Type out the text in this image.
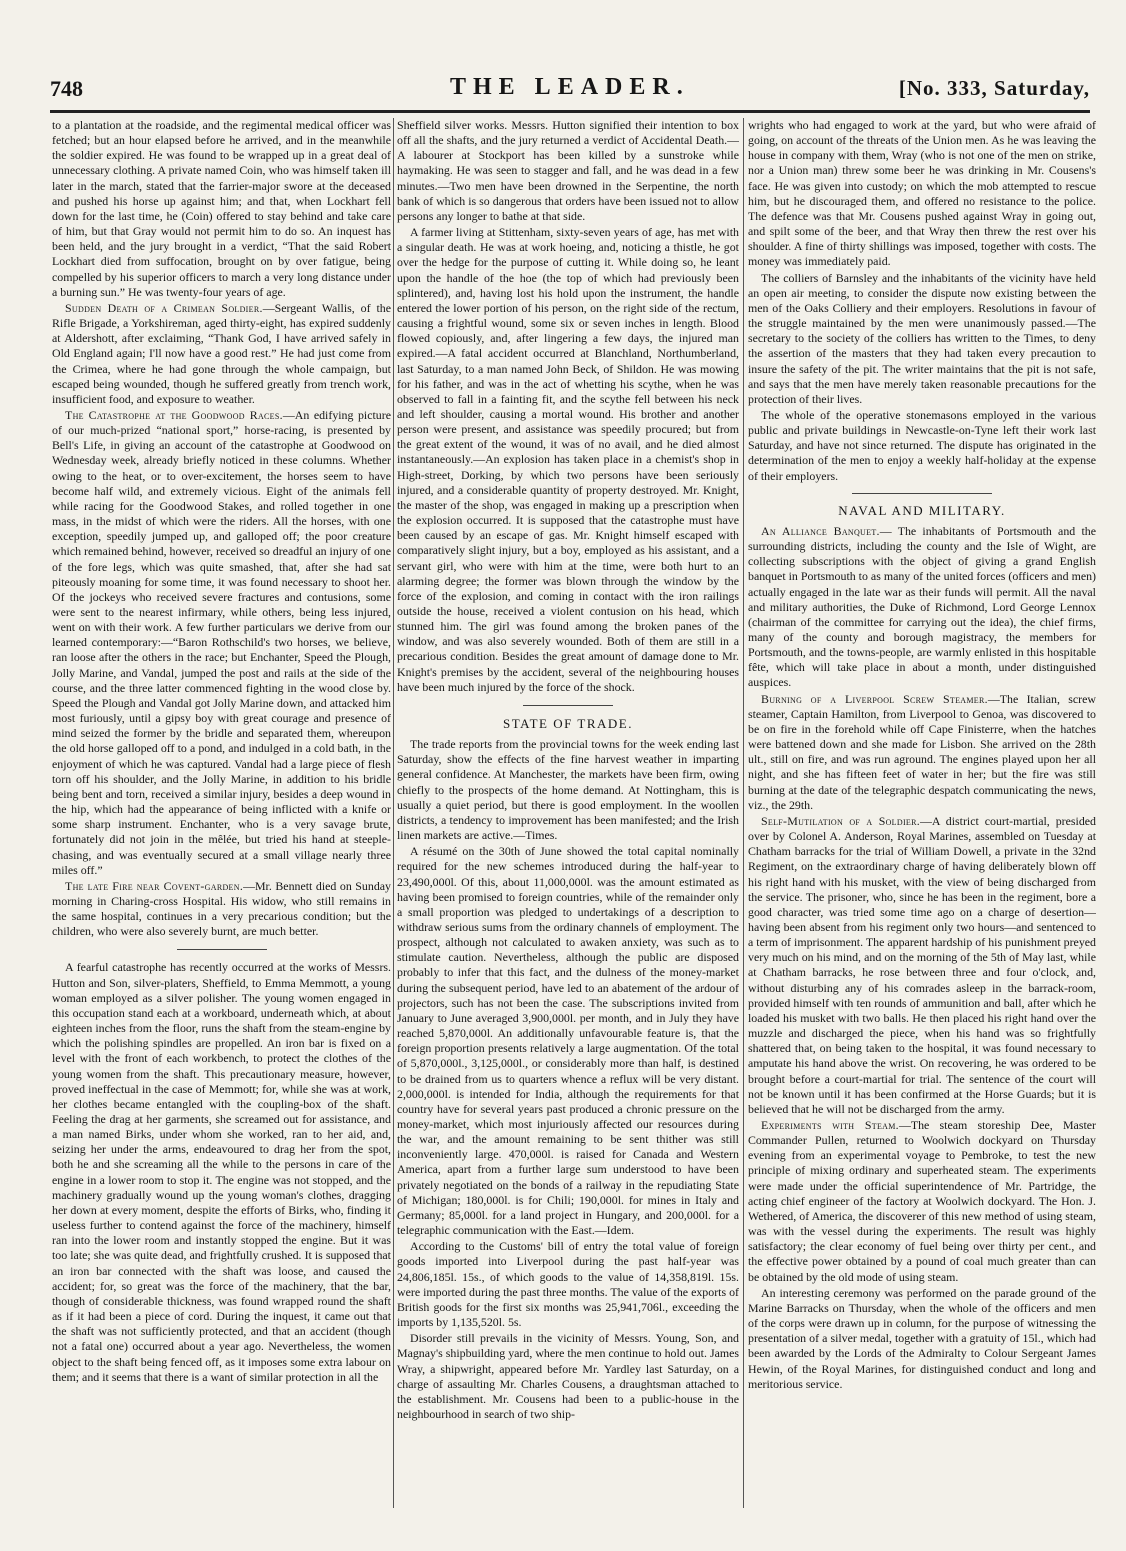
748	THE LEADER.	[No. 333, Saturday,

to a plantation at the roadside, and the regimental medical officer was fetched; but an hour elapsed before he arrived, and in the meanwhile the soldier expired. He was found to be wrapped up in a great deal of unnecessary clothing. A private named Coin, who was himself taken ill later in the march, stated that the farrier-major swore at the deceased and pushed his horse up against him; and that, when Lockhart fell down for the last time, he (Coin) offered to stay behind and take care of him, but that Gray would not permit him to do so. An inquest has been held, and the jury brought in a verdict, “That the said Robert Lockhart died from suffocation, brought on by over fatigue, being compelled by his superior officers to march a very long distance under a burning sun.” He was twenty-four years of age.

Sudden Death of a Crimean Soldier.—Sergeant Wallis, of the Rifle Brigade, a Yorkshireman, aged thirty-eight, has expired suddenly at Aldershott, after exclaiming, “Thank God, I have arrived safely in Old England again; I'll now have a good rest.” He had just come from the Crimea, where he had gone through the whole campaign, but escaped being wounded, though he suffered greatly from trench work, insufficient food, and exposure to weather.

The Catastrophe at the Goodwood Races.—An edifying picture of our much-prized “national sport,” horse-racing, is presented by Bell's Life, in giving an account of the catastrophe at Goodwood on Wednesday week, already briefly noticed in these columns. Whether owing to the heat, or to over-excitement, the horses seem to have become half wild, and extremely vicious. Eight of the animals fell while racing for the Goodwood Stakes, and rolled together in one mass, in the midst of which were the riders. All the horses, with one exception, speedily jumped up, and galloped off; the poor creature which remained behind, however, received so dreadful an injury of one of the fore legs, which was quite smashed, that, after she had sat piteously moaning for some time, it was found necessary to shoot her. Of the jockeys who received severe fractures and contusions, some were sent to the nearest infirmary, while others, being less injured, went on with their work. A few further particulars we derive from our learned contemporary:—“Baron Rothschild's two horses, we believe, ran loose after the others in the race; but Enchanter, Speed the Plough, Jolly Marine, and Vandal, jumped the post and rails at the side of the course, and the three latter commenced fighting in the wood close by. Speed the Plough and Vandal got Jolly Marine down, and attacked him most furiously, until a gipsy boy with great courage and presence of mind seized the former by the bridle and separated them, whereupon the old horse galloped off to a pond, and indulged in a cold bath, in the enjoyment of which he was captured. Vandal had a large piece of flesh torn off his shoulder, and the Jolly Marine, in addition to his bridle being bent and torn, received a similar injury, besides a deep wound in the hip, which had the appearance of being inflicted with a knife or some sharp instrument. Enchanter, who is a very savage brute, fortunately did not join in the mêlée, but tried his hand at steeple-chasing, and was eventually secured at a small village nearly three miles off.”

The late Fire near Covent-garden.—Mr. Bennett died on Sunday morning in Charing-cross Hospital. His widow, who still remains in the same hospital, continues in a very precarious condition; but the children, who were also severely burnt, are much better.

A fearful catastrophe has recently occurred at the works of Messrs. Hutton and Son, silver-platers, Sheffield, to Emma Memmott, a young woman employed as a silver polisher. The young women engaged in this occupation stand each at a workboard, underneath which, at about eighteen inches from the floor, runs the shaft from the steam-engine by which the polishing spindles are propelled. An iron bar is fixed on a level with the front of each workbench, to protect the clothes of the young women from the shaft. This precautionary measure, however, proved ineffectual in the case of Memmott; for, while she was at work, her clothes became entangled with the coupling-box of the shaft. Feeling the drag at her garments, she screamed out for assistance, and a man named Birks, under whom she worked, ran to her aid, and, seizing her under the arms, endeavoured to drag her from the spot, both he and she screaming all the while to the persons in care of the engine in a lower room to stop it. The engine was not stopped, and the machinery gradually wound up the young woman's clothes, dragging her down at every moment, despite the efforts of Birks, who, finding it useless further to contend against the force of the machinery, himself ran into the lower room and instantly stopped the engine. But it was too late; she was quite dead, and frightfully crushed. It is supposed that an iron bar connected with the shaft was loose, and caused the accident; for, so great was the force of the machinery, that the bar, though of considerable thickness, was found wrapped round the shaft as if it had been a piece of cord. During the inquest, it came out that the shaft was not sufficiently protected, and that an accident (though not a fatal one) occurred about a year ago. Nevertheless, the women object to the shaft being fenced off, as it imposes some extra labour on them; and it seems that there is a want of similar protection in all the

Sheffield silver works. Messrs. Hutton signified their intention to box off all the shafts, and the jury returned a verdict of Accidental Death.—A labourer at Stockport has been killed by a sunstroke while haymaking. He was seen to stagger and fall, and he was dead in a few minutes.—Two men have been drowned in the Serpentine, the north bank of which is so dangerous that orders have been issued not to allow persons any longer to bathe at that side.

A farmer living at Stittenham, sixty-seven years of age, has met with a singular death. He was at work hoeing, and, noticing a thistle, he got over the hedge for the purpose of cutting it. While doing so, he leant upon the handle of the hoe (the top of which had previously been splintered), and, having lost his hold upon the instrument, the handle entered the lower portion of his person, on the right side of the rectum, causing a frightful wound, some six or seven inches in length. Blood flowed copiously, and, after lingering a few days, the injured man expired.—A fatal accident occurred at Blanchland, Northumberland, last Saturday, to a man named John Beck, of Shildon. He was mowing for his father, and was in the act of whetting his scythe, when he was observed to fall in a fainting fit, and the scythe fell between his neck and left shoulder, causing a mortal wound. His brother and another person were present, and assistance was speedily procured; but from the great extent of the wound, it was of no avail, and he died almost instantaneously.—An explosion has taken place in a chemist's shop in High-street, Dorking, by which two persons have been seriously injured, and a considerable quantity of property destroyed. Mr. Knight, the master of the shop, was engaged in making up a prescription when the explosion occurred. It is supposed that the catastrophe must have been caused by an escape of gas. Mr. Knight himself escaped with comparatively slight injury, but a boy, employed as his assistant, and a servant girl, who were with him at the time, were both hurt to an alarming degree; the former was blown through the window by the force of the explosion, and coming in contact with the iron railings outside the house, received a violent contusion on his head, which stunned him. The girl was found among the broken panes of the window, and was also severely wounded. Both of them are still in a precarious condition. Besides the great amount of damage done to Mr. Knight's premises by the accident, several of the neighbouring houses have been much injured by the force of the shock.

STATE OF TRADE.

The trade reports from the provincial towns for the week ending last Saturday, show the effects of the fine harvest weather in imparting general confidence. At Manchester, the markets have been firm, owing chiefly to the prospects of the home demand. At Nottingham, this is usually a quiet period, but there is good employment. In the woollen districts, a tendency to improvement has been manifested; and the Irish linen markets are active.—Times.

A résumé on the 30th of June showed the total capital nominally required for the new schemes introduced during the half-year to 23,490,000l. Of this, about 11,000,000l. was the amount estimated as having been promised to foreign countries, while of the remainder only a small proportion was pledged to undertakings of a description to withdraw serious sums from the ordinary channels of employment. The prospect, although not calculated to awaken anxiety, was such as to stimulate caution. Nevertheless, although the public are disposed probably to infer that this fact, and the dulness of the money-market during the subsequent period, have led to an abatement of the ardour of projectors, such has not been the case. The subscriptions invited from January to June averaged 3,900,000l. per month, and in July they have reached 5,870,000l. An additionally unfavourable feature is, that the foreign proportion presents relatively a large augmentation. Of the total of 5,870,000l., 3,125,000l., or considerably more than half, is destined to be drained from us to quarters whence a reflux will be very distant. 2,000,000l. is intended for India, although the requirements for that country have for several years past produced a chronic pressure on the money-market, which most injuriously affected our resources during the war, and the amount remaining to be sent thither was still inconveniently large. 470,000l. is raised for Canada and Western America, apart from a further large sum understood to have been privately negotiated on the bonds of a railway in the repudiating State of Michigan; 180,000l. is for Chili; 190,000l. for mines in Italy and Germany; 85,000l. for a land project in Hungary, and 200,000l. for a telegraphic communication with the East.—Idem.

According to the Customs' bill of entry the total value of foreign goods imported into Liverpool during the past half-year was 24,806,185l. 15s., of which goods to the value of 14,358,819l. 15s. were imported during the past three months. The value of the exports of British goods for the first six months was 25,941,706l., exceeding the imports by 1,135,520l. 5s.

Disorder still prevails in the vicinity of Messrs. Young, Son, and Magnay's shipbuilding yard, where the men continue to hold out. James Wray, a shipwright, appeared before Mr. Yardley last Saturday, on a charge of assaulting Mr. Charles Cousens, a draughtsman attached to the establishment. Mr. Cousens had been to a public-house in the neighbourhood in search of two ship-

wrights who had engaged to work at the yard, but who were afraid of going, on account of the threats of the Union men. As he was leaving the house in company with them, Wray (who is not one of the men on strike, nor a Union man) threw some beer he was drinking in Mr. Cousens's face. He was given into custody; on which the mob attempted to rescue him, but he discouraged them, and offered no resistance to the police. The defence was that Mr. Cousens pushed against Wray in going out, and spilt some of the beer, and that Wray then threw the rest over his shoulder. A fine of thirty shillings was imposed, together with costs. The money was immediately paid.

The colliers of Barnsley and the inhabitants of the vicinity have held an open air meeting, to consider the dispute now existing between the men of the Oaks Colliery and their employers. Resolutions in favour of the struggle maintained by the men were unanimously passed.—The secretary to the society of the colliers has written to the Times, to deny the assertion of the masters that they had taken every precaution to insure the safety of the pit. The writer maintains that the pit is not safe, and says that the men have merely taken reasonable precautions for the protection of their lives.

The whole of the operative stonemasons employed in the various public and private buildings in Newcastle-on-Tyne left their work last Saturday, and have not since returned. The dispute has originated in the determination of the men to enjoy a weekly half-holiday at the expense of their employers.

NAVAL AND MILITARY.

An Alliance Banquet.— The inhabitants of Portsmouth and the surrounding districts, including the county and the Isle of Wight, are collecting subscriptions with the object of giving a grand English banquet in Portsmouth to as many of the united forces (officers and men) actually engaged in the late war as their funds will permit. All the naval and military authorities, the Duke of Richmond, Lord George Lennox (chairman of the committee for carrying out the idea), the chief firms, many of the county and borough magistracy, the members for Portsmouth, and the towns-people, are warmly enlisted in this hospitable fête, which will take place in about a month, under distinguished auspices.

Burning of a Liverpool Screw Steamer.—The Italian, screw steamer, Captain Hamilton, from Liverpool to Genoa, was discovered to be on fire in the forehold while off Cape Finisterre, when the hatches were battened down and she made for Lisbon. She arrived on the 28th ult., still on fire, and was run aground. The engines played upon her all night, and she has fifteen feet of water in her; but the fire was still burning at the date of the telegraphic despatch communicating the news, viz., the 29th.

Self-Mutilation of a Soldier.—A district court-martial, presided over by Colonel A. Anderson, Royal Marines, assembled on Tuesday at Chatham barracks for the trial of William Dowell, a private in the 32nd Regiment, on the extraordinary charge of having deliberately blown off his right hand with his musket, with the view of being discharged from the service. The prisoner, who, since he has been in the regiment, bore a good character, was tried some time ago on a charge of desertion—having been absent from his regiment only two hours—and sentenced to a term of imprisonment. The apparent hardship of his punishment preyed very much on his mind, and on the morning of the 5th of May last, while at Chatham barracks, he rose between three and four o'clock, and, without disturbing any of his comrades asleep in the barrack-room, provided himself with ten rounds of ammunition and ball, after which he loaded his musket with two balls. He then placed his right hand over the muzzle and discharged the piece, when his hand was so frightfully shattered that, on being taken to the hospital, it was found necessary to amputate his hand above the wrist. On recovering, he was ordered to be brought before a court-martial for trial. The sentence of the court will not be known until it has been confirmed at the Horse Guards; but it is believed that he will not be discharged from the army.

Experiments with Steam.—The steam storeship Dee, Master Commander Pullen, returned to Woolwich dockyard on Thursday evening from an experimental voyage to Pembroke, to test the new principle of mixing ordinary and superheated steam. The experiments were made under the official superintendence of Mr. Partridge, the acting chief engineer of the factory at Woolwich dockyard. The Hon. J. Wethered, of America, the discoverer of this new method of using steam, was with the vessel during the experiments. The result was highly satisfactory; the clear economy of fuel being over thirty per cent., and the effective power obtained by a pound of coal much greater than can be obtained by the old mode of using steam.

An interesting ceremony was performed on the parade ground of the Marine Barracks on Thursday, when the whole of the officers and men of the corps were drawn up in column, for the purpose of witnessing the presentation of a silver medal, together with a gratuity of 15l., which had been awarded by the Lords of the Admiralty to Colour Sergeant James Hewin, of the Royal Marines, for distinguished conduct and long and meritorious service.
